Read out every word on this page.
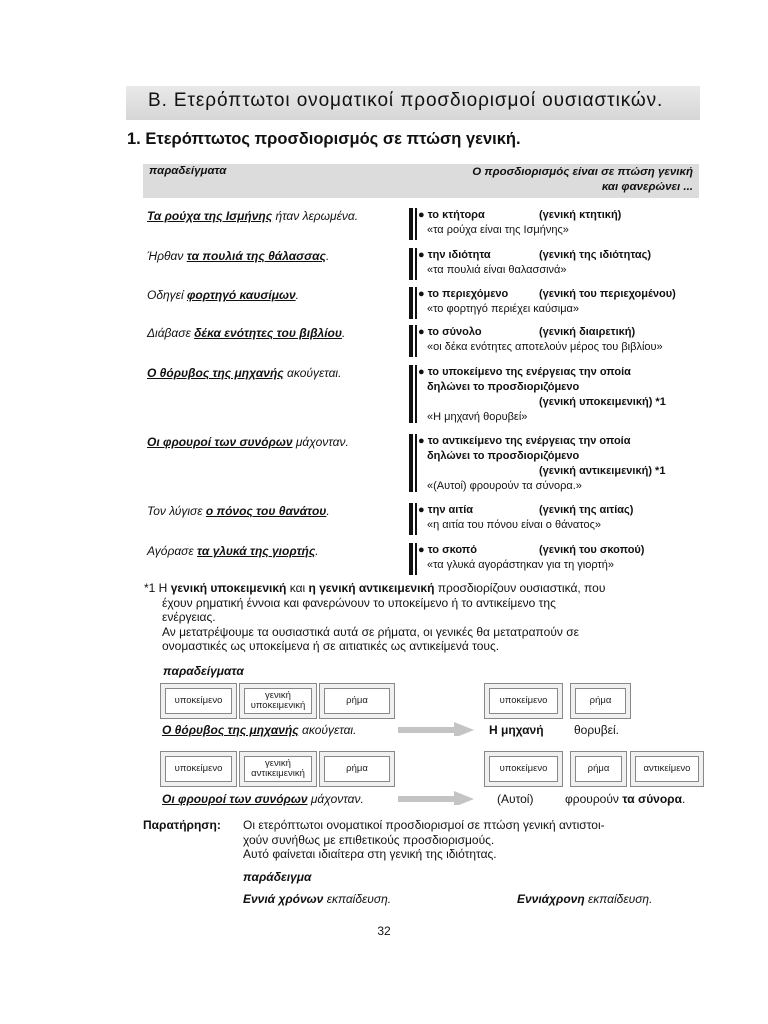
Β. Ετερόπτωτοι ονοματικοί προσδιορισμοί ουσιαστικών.
1. Ετερόπτωτος προσδιορισμός σε πτώση γενική.
παραδείγματα	Ο προσδιορισμός είναι σε πτώση γενική
και φανερώνει ...
Τα ρούχα της Ισμήνης ήταν λερωμένα.	● το κτήτορα	(γενική κτητική)
«τα ρούχα είναι της Ισμήνης»
Ήρθαν τα πουλιά της θάλασσας.	● την ιδιότητα	(γενική της ιδιότητας)
«τα πουλιά είναι θαλασσινά»
Οδηγεί φορτηγό καυσίμων.	● το περιεχόμενο	(γενική του περιεχομένου)
«το φορτηγό περιέχει καύσιμα»
Διάβασε δέκα ενότητες του βιβλίου.	● το σύνολο	(γενική διαιρετική)
«οι δέκα ενότητες αποτελούν μέρος του βιβλίου»
Ο θόρυβος της μηχανής ακούγεται.	● το υποκείμενο της ενέργειας την οποία
δηλώνει το προσδιοριζόμενο
(γενική υποκειμενική) *1
«Η μηχανή θορυβεί»
Οι φρουροί των συνόρων μάχονταν.	● το αντικείμενο της ενέργειας την οποία
δηλώνει το προσδιοριζόμενο
(γενική αντικειμενική) *1
«(Αυτοί) φρουρούν τα σύνορα.»
Τον λύγισε ο πόνος του θανάτου.	● την αιτία	(γενική της αιτίας)
«η αιτία του πόνου είναι ο θάνατος»
Αγόρασε τα γλυκά της γιορτής.	● το σκοπό	(γενική του σκοπού)
«τα γλυκά αγοράστηκαν για τη γιορτή»
*1 Η γενική υποκειμενική και η γενική αντικειμενική προσδιορίζουν ουσιαστικά, που
έχουν ρηματική έννοια και φανερώνουν το υποκείμενο ή το αντικείμενο της
ενέργειας.
Αν μετατρέψουμε τα ουσιαστικά αυτά σε ρήματα, οι γενικές θα μετατραπούν σε
ονομαστικές ως υποκείμενα ή σε αιτιατικές ως αντικείμενά τους.
παραδείγματα
υποκείμενο	γενική υποκειμενική	ρήμα	υποκείμενο	ρήμα
Ο θόρυβος της μηχανής ακούγεται.	Η μηχανή	θορυβεί.
υποκείμενο	γενική αντικειμενική	ρήμα	υποκείμενο	ρήμα	αντικείμενο
Οι φρουροί των συνόρων μάχονταν.	(Αυτοί)	φρουρούν τα σύνορα.
Παρατήρηση: Οι ετερόπτωτοι ονοματικοί προσδιορισμοί σε πτώση γενική αντιστοι-
χούν συνήθως με επιθετικούς προσδιορισμούς.
Αυτό φαίνεται ιδιαίτερα στη γενική της ιδιότητας.
παράδειγμα
Εννιά χρόνων εκπαίδευση.	Εννιάχρονη εκπαίδευση.
32
